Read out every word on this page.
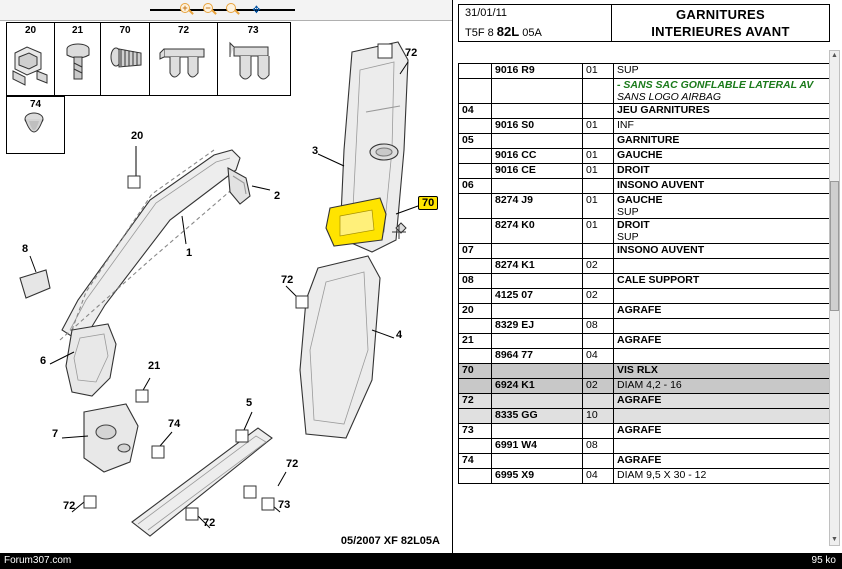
+ −	✥
20	21	70	72	73
74
20
2
3
72
70
1
8
72
4
6	21
7
74
5
72
72
72
73
05/2007 XF 82L05A
31/01/11
T5F 8 82L 05A
GARNITURES
INTERIEURES AVANT
	9016 R9	01	SUP

			- SANS SAC GONFLABLE LATERAL AV
SANS LOGO AIRBAG

04			JEU GARNITURES
	9016 S0	01	INF
05			GARNITURE
	9016 CC	01	GAUCHE
	9016 CE	01	DROIT
06			INSONO AUVENT
	8274 J9	01	GAUCHE
SUP

	8274 K0	01	DROIT
SUP

07			INSONO AUVENT
	8274 K1	02	
08			CALE SUPPORT
	4125 07	02	
20			AGRAFE
	8329 EJ	08	
21			AGRAFE
	8964 77	04	
70			VIS RLX
	6924 K1	02	DIAM 4,2 - 16
72			AGRAFE
	8335 GG	10	
73			AGRAFE
	6991 W4	08	
74			AGRAFE
	6995 X9	04	DIAM 9,5 X 30 - 12
▲
▼
Forum307.com	95 ko
